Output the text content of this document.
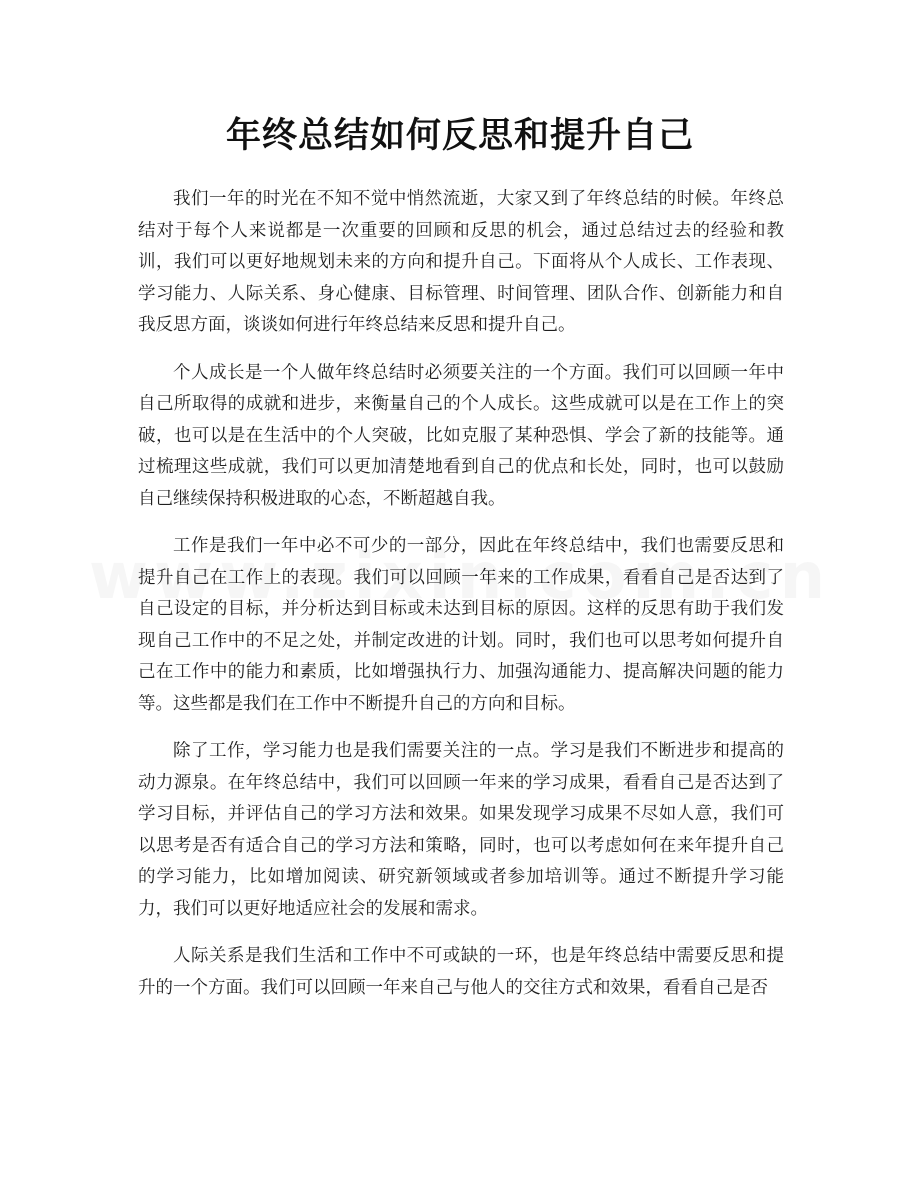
年终总结如何反思和提升自己

我们一年的时光在不知不觉中悄然流逝，大家又到了年终总结的时候。年终总结对于每个人来说都是一次重要的回顾和反思的机会，通过总结过去的经验和教训，我们可以更好地规划未来的方向和提升自己。下面将从个人成长、工作表现、学习能力、人际关系、身心健康、目标管理、时间管理、团队合作、创新能力和自我反思方面，谈谈如何进行年终总结来反思和提升自己。

个人成长是一个人做年终总结时必须要关注的一个方面。我们可以回顾一年中自己所取得的成就和进步，来衡量自己的个人成长。这些成就可以是在工作上的突破，也可以是在生活中的个人突破，比如克服了某种恐惧、学会了新的技能等。通过梳理这些成就，我们可以更加清楚地看到自己的优点和长处，同时，也可以鼓励自己继续保持积极进取的心态，不断超越自我。

工作是我们一年中必不可少的一部分，因此在年终总结中，我们也需要反思和提升自己在工作上的表现。我们可以回顾一年来的工作成果，看看自己是否达到了自己设定的目标，并分析达到目标或未达到目标的原因。这样的反思有助于我们发现自己工作中的不足之处，并制定改进的计划。同时，我们也可以思考如何提升自己在工作中的能力和素质，比如增强执行力、加强沟通能力、提高解决问题的能力等。这些都是我们在工作中不断提升自己的方向和目标。

除了工作，学习能力也是我们需要关注的一点。学习是我们不断进步和提高的动力源泉。在年终总结中，我们可以回顾一年来的学习成果，看看自己是否达到了学习目标，并评估自己的学习方法和效果。如果发现学习成果不尽如人意，我们可以思考是否有适合自己的学习方法和策略，同时，也可以考虑如何在来年提升自己的学习能力，比如增加阅读、研究新领域或者参加培训等。通过不断提升学习能力，我们可以更好地适应社会的发展和需求。

人际关系是我们生活和工作中不可或缺的一环，也是年终总结中需要反思和提升的一个方面。我们可以回顾一年来自己与他人的交往方式和效果，看看自己是否
